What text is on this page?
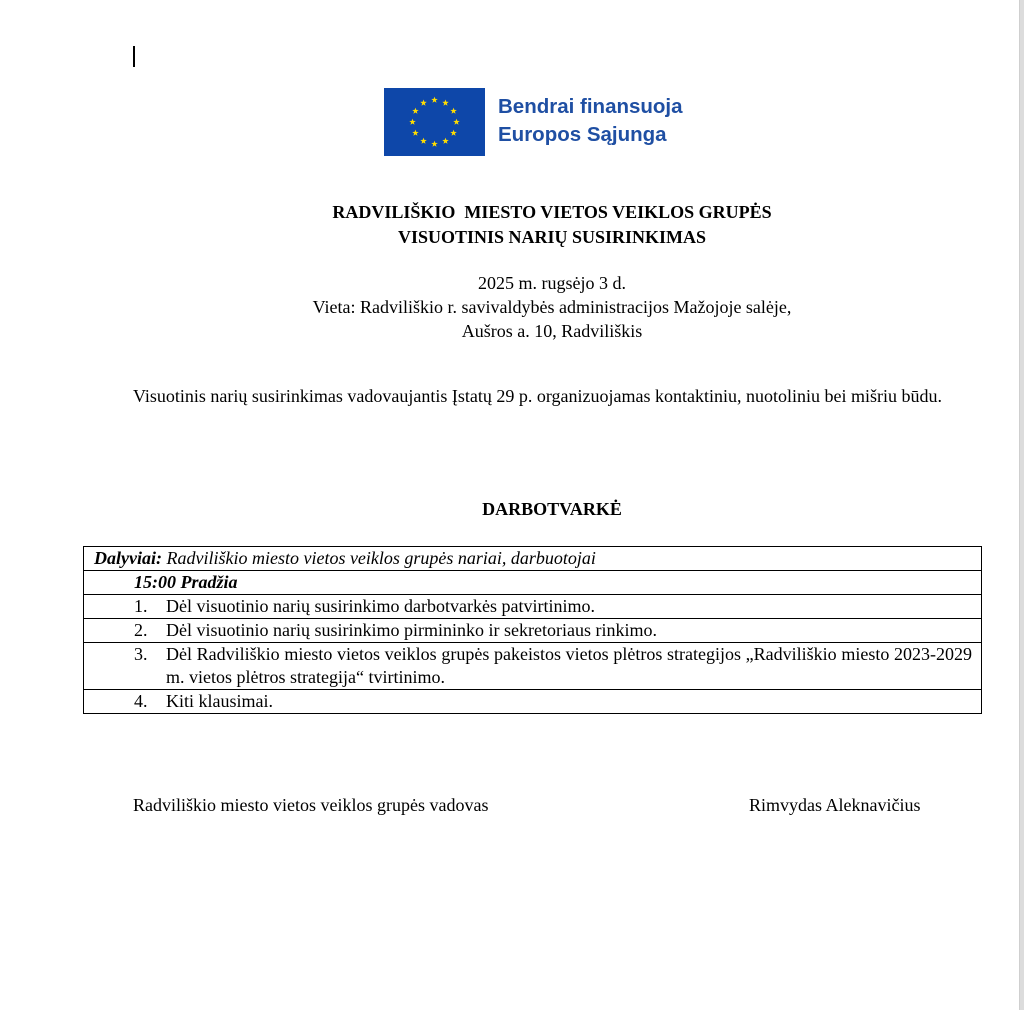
Bendrai finansuoja
Europos Sąjunga
RADVILIŠKIO  MIESTO VIETOS VEIKLOS GRUPĖS
VISUOTINIS NARIŲ SUSIRINKIMAS
2025 m. rugsėjo 3 d.
Vieta: Radviliškio r. savivaldybės administracijos Mažojoje salėje,
Aušros a. 10, Radviliškis
Visuotinis narių susirinkimas vadovaujantis Įstatų 29 p. organizuojamas kontaktiniu, nuotoliniu bei mišriu būdu.
DARBOTVARKĖ
Dalyviai: Radviliškio miesto vietos veiklos grupės nariai, darbuotojai

15:00 Pradžia

1.	Dėl visuotinio narių susirinkimo darbotvarkės patvirtinimo.

2.	Dėl visuotinio narių susirinkimo pirmininko ir sekretoriaus rinkimo.

3.	Dėl Radviliškio miesto vietos veiklos grupės pakeistos vietos plėtros strategijos „Radviliškio miesto 2023-2029 m. vietos plėtros strategija“ tvirtinimo.

4.	Kiti klausimai.
Radviliškio miesto vietos veiklos grupės vadovas	Rimvydas Aleknavičius
